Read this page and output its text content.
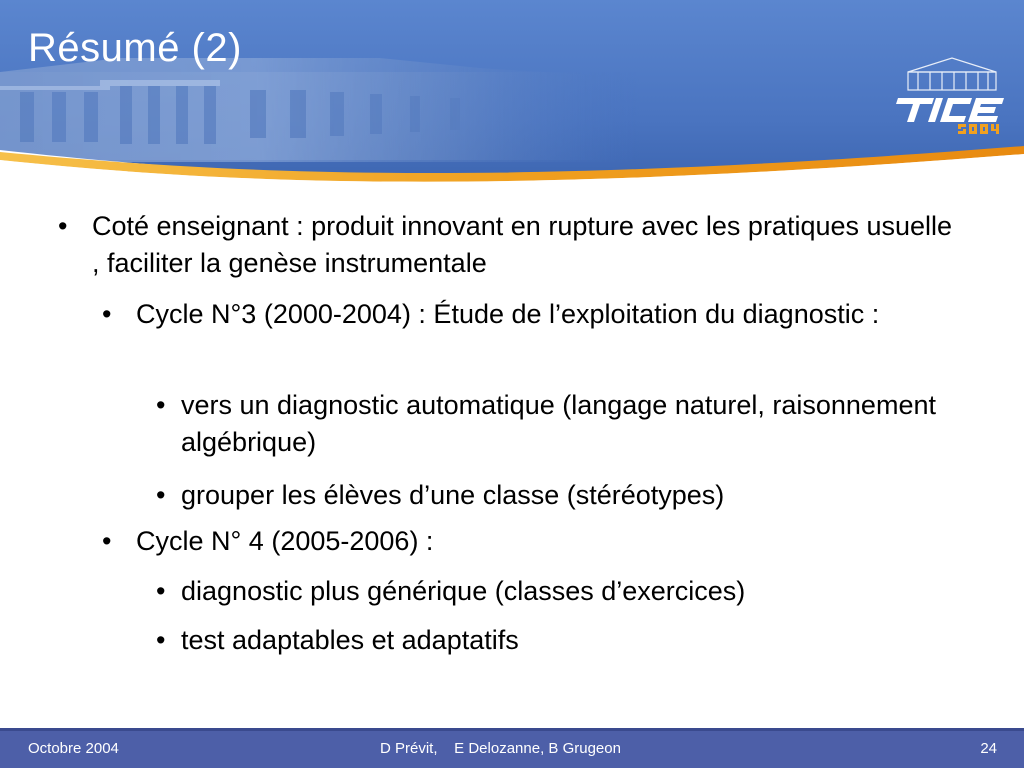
Résumé (2)
• Coté enseignant : produit innovant en rupture avec les pratiques usuelle , faciliter la genèse instrumentale
• Cycle N°3 (2000-2004) : Étude de l’exploitation du diagnostic :
• vers un diagnostic automatique (langage naturel, raisonnement algébrique)
• grouper les élèves d’une classe (stéréotypes)
• Cycle N° 4 (2005-2006) :
• diagnostic plus générique (classes d’exercices)
• test adaptables et adaptatifs
Octobre 2004	D Prévit,    E Delozanne, B Grugeon	24
